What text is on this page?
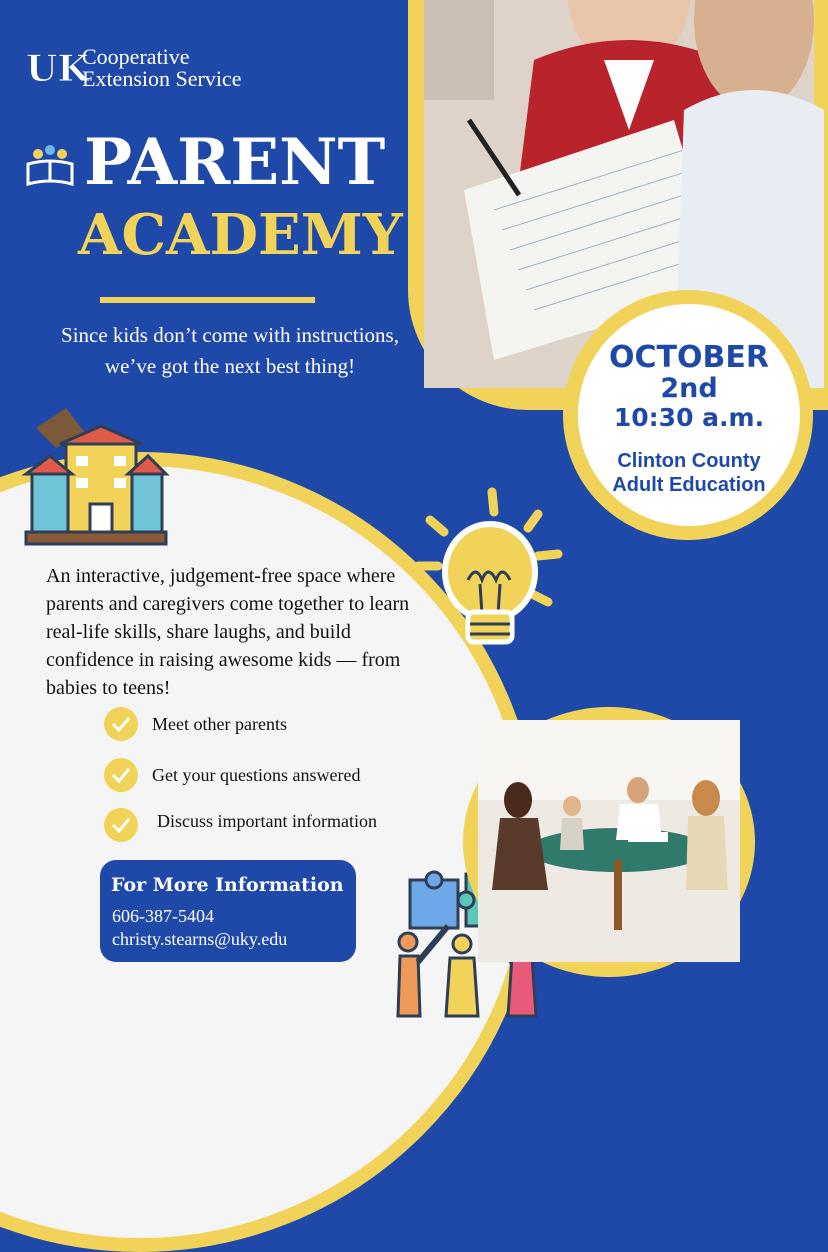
OCTOBER
2nd
10:30 a.m.
Clinton County
Adult Education
UK
Cooperative
Extension Service
PARENT
ACADEMY
Since kids don’t come with instructions, we’ve got the next best thing!
An interactive, judgement-free space where parents and caregivers come together to learn real-life skills, share laughs, and build confidence in raising awesome kids — from babies to teens!
Meet other parents
Get your questions answered
Discuss important information
For More Information
606-387-5404
christy.stearns@uky.edu
